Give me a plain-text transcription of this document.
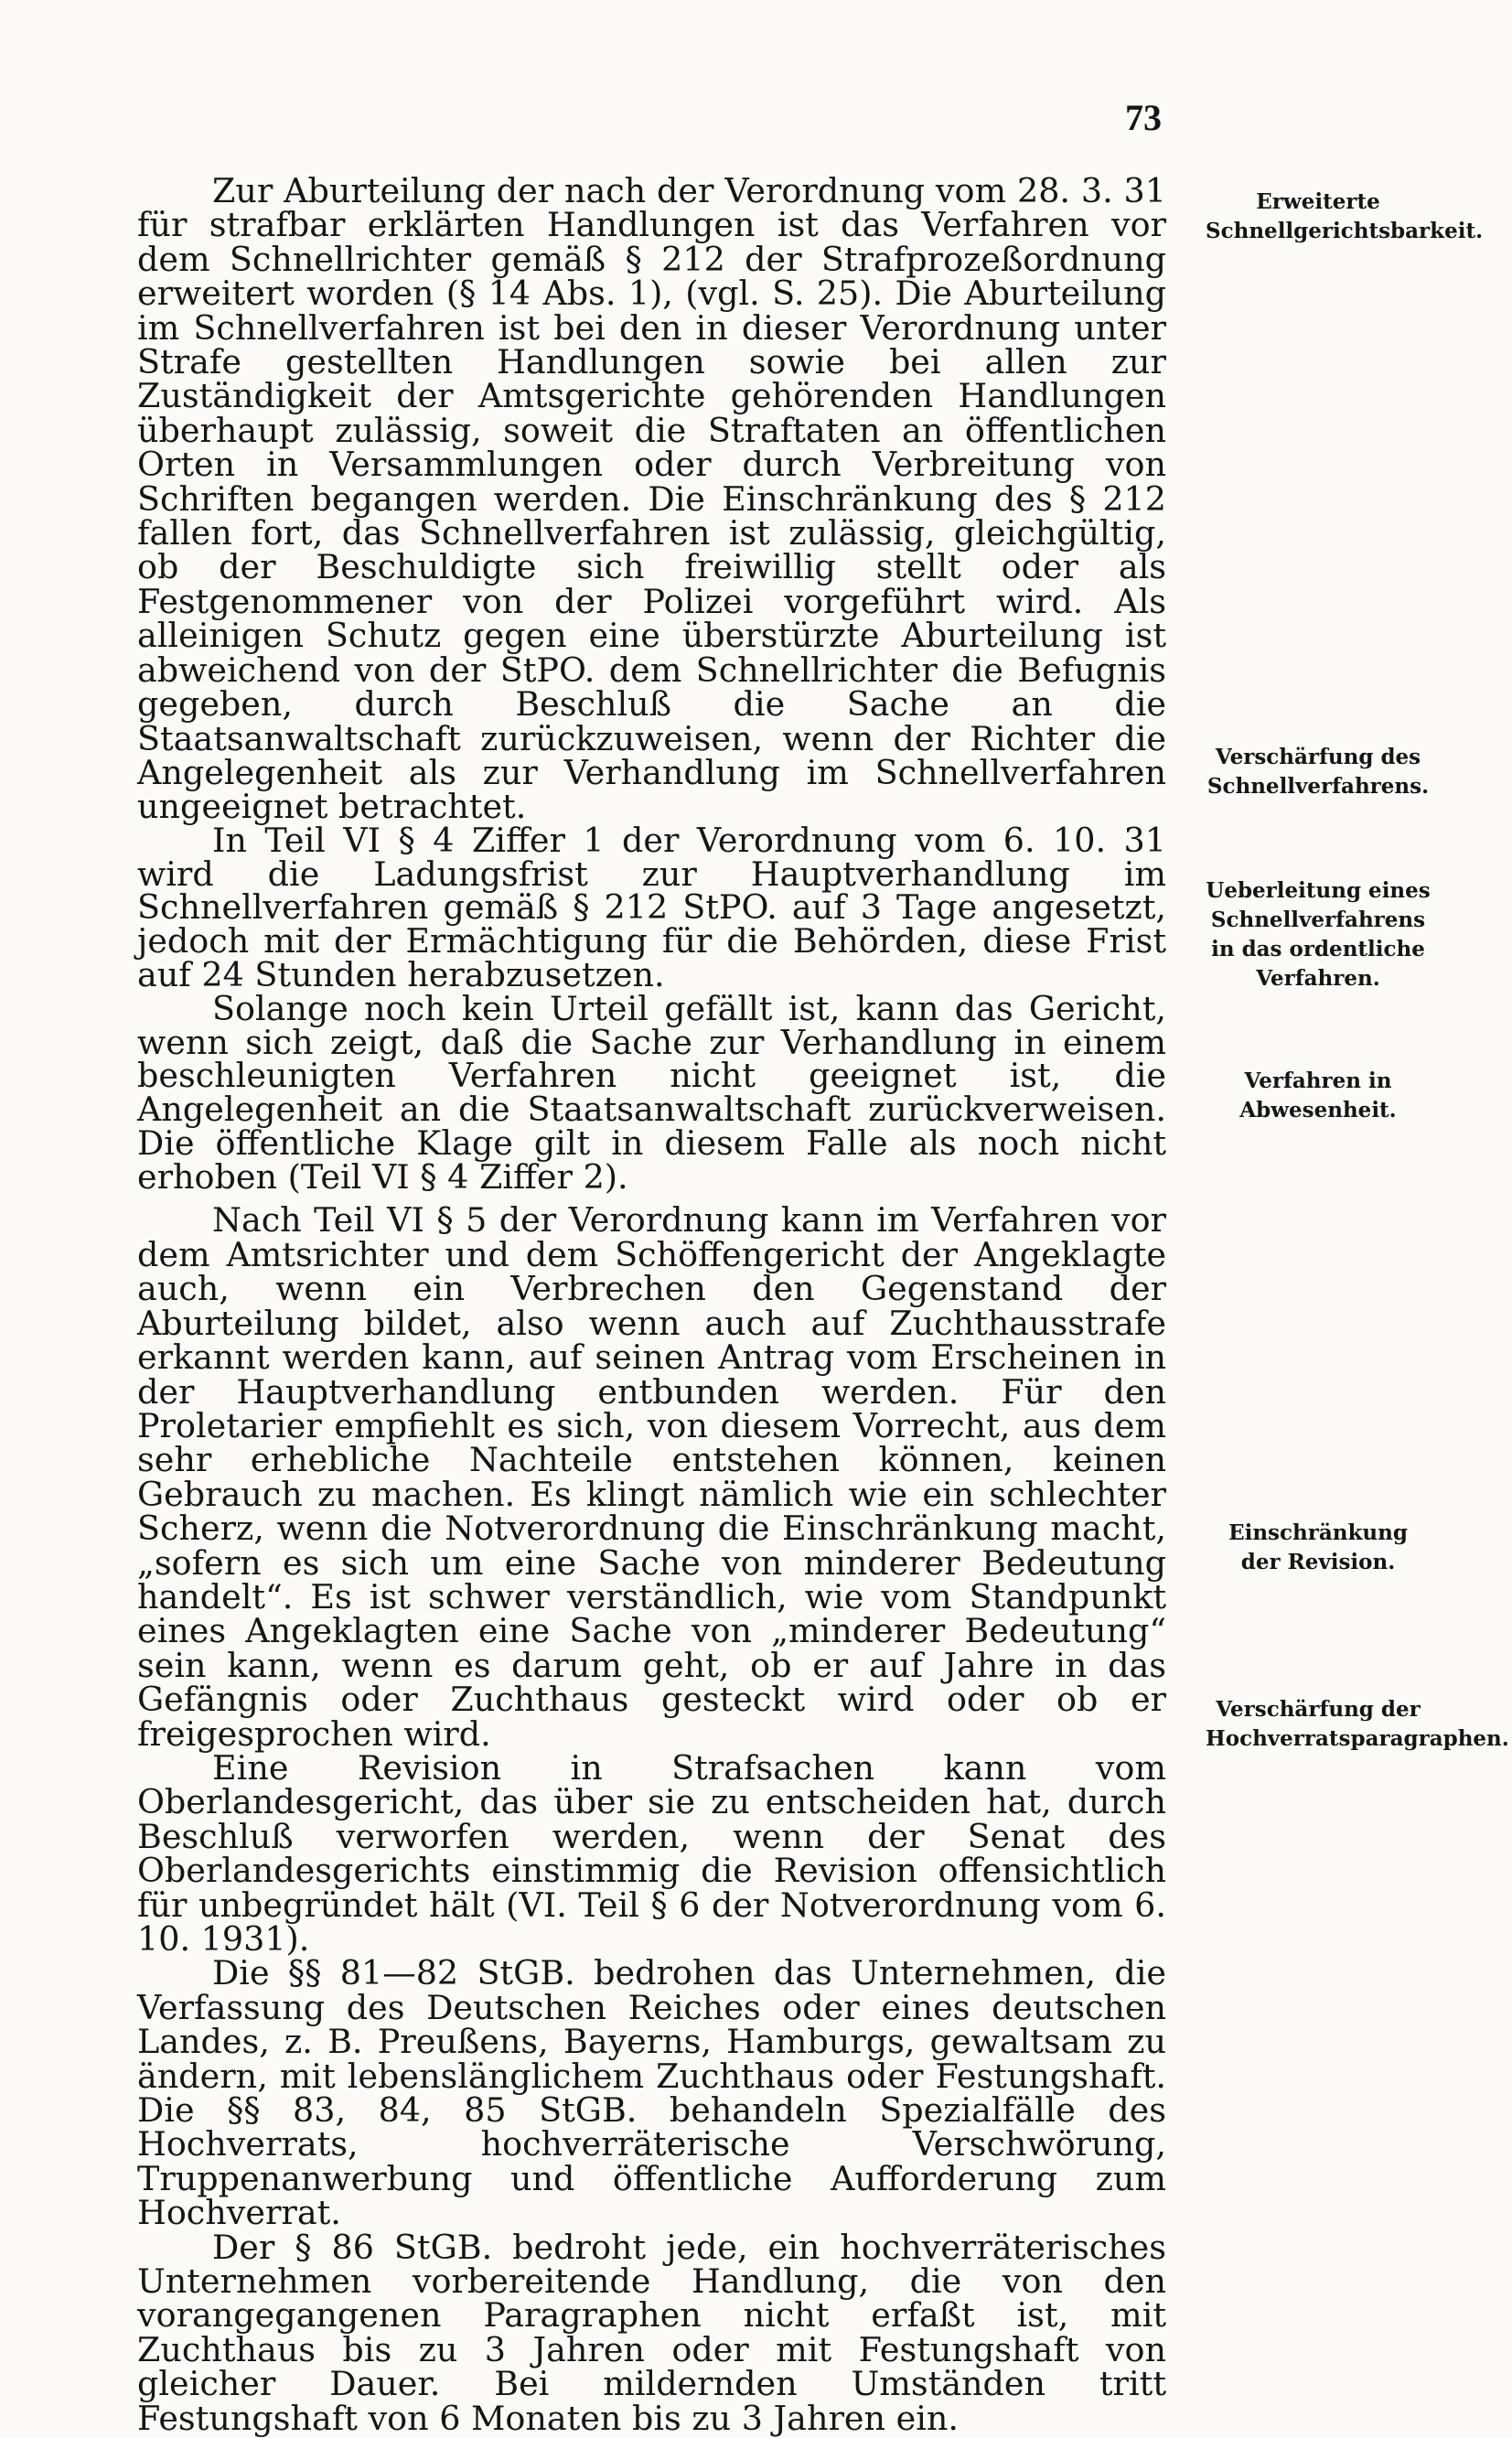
73

Zur Aburteilung der nach der Verordnung vom 28. 3. 31 für strafbar erklärten Handlungen ist das Verfahren vor dem Schnellrichter gemäß § 212 der Strafprozeßordnung erweitert worden (§ 14 Abs. 1), (vgl. S. 25). Die Aburteilung im Schnellverfahren ist bei den in dieser Verordnung unter Strafe gestellten Handlungen sowie bei allen zur Zuständigkeit der Amtsgerichte gehörenden Handlungen überhaupt zulässig, soweit die Straftaten an öffentlichen Orten in Versammlungen oder durch Verbreitung von Schriften begangen werden. Die Einschränkung des § 212 fallen fort, das Schnellverfahren ist zulässig, gleichgültig, ob der Beschuldigte sich freiwillig stellt oder als Festgenommener von der Polizei vorgeführt wird. Als alleinigen Schutz gegen eine überstürzte Aburteilung ist abweichend von der StPO. dem Schnellrichter die Befugnis gegeben, durch Beschluß die Sache an die Staatsanwaltschaft zurückzuweisen, wenn der Richter die Angelegenheit als zur Verhandlung im Schnellverfahren ungeeignet betrachtet.

In Teil VI § 4 Ziffer 1 der Verordnung vom 6. 10. 31 wird die Ladungsfrist zur Hauptverhandlung im Schnellverfahren gemäß § 212 StPO. auf 3 Tage angesetzt, jedoch mit der Ermächtigung für die Behörden, diese Frist auf 24 Stunden herabzusetzen.

Solange noch kein Urteil gefällt ist, kann das Gericht, wenn sich zeigt, daß die Sache zur Verhandlung in einem beschleunigten Verfahren nicht geeignet ist, die Angelegenheit an die Staatsanwaltschaft zurückverweisen. Die öffentliche Klage gilt in diesem Falle als noch nicht erhoben (Teil VI § 4 Ziffer 2).

Nach Teil VI § 5 der Verordnung kann im Verfahren vor dem Amtsrichter und dem Schöffengericht der Angeklagte auch, wenn ein Verbrechen den Gegenstand der Aburteilung bildet, also wenn auch auf Zuchthausstrafe erkannt werden kann, auf seinen Antrag vom Erscheinen in der Hauptverhandlung entbunden werden. Für den Proletarier empfiehlt es sich, von diesem Vorrecht, aus dem sehr erhebliche Nachteile entstehen können, keinen Gebrauch zu machen. Es klingt nämlich wie ein schlechter Scherz, wenn die Notverordnung die Einschränkung macht, „sofern es sich um eine Sache von minderer Bedeutung handelt“. Es ist schwer verständlich, wie vom Standpunkt eines Angeklagten eine Sache von „minderer Bedeutung“ sein kann, wenn es darum geht, ob er auf Jahre in das Gefängnis oder Zuchthaus gesteckt wird oder ob er freigesprochen wird.

Eine Revision in Strafsachen kann vom Oberlandesgericht, das über sie zu entscheiden hat, durch Beschluß verworfen werden, wenn der Senat des Oberlandesgerichts einstimmig die Revision offensichtlich für unbegründet hält (VI. Teil § 6 der Notverordnung vom 6. 10. 1931).

Die §§ 81—82 StGB. bedrohen das Unternehmen, die Verfassung des Deutschen Reiches oder eines deutschen Landes, z. B. Preußens, Bayerns, Hamburgs, gewaltsam zu ändern, mit lebenslänglichem Zuchthaus oder Festungshaft. Die §§ 83, 84, 85 StGB. behandeln Spezialfälle des Hochverrats, hochverräterische Verschwörung, Truppenanwerbung und öffentliche Aufforderung zum Hochverrat.

Der § 86 StGB. bedroht jede, ein hochverräterisches Unternehmen vorbereitende Handlung, die von den vorangegangenen Paragraphen nicht erfaßt ist, mit Zuchthaus bis zu 3 Jahren oder mit Festungshaft von gleicher Dauer. Bei mildernden Umständen tritt Festungshaft von 6 Monaten bis zu 3 Jahren ein.

Erweiterte Schnellgerichtsbarkeit.
Verschärfung des Schnellverfahrens.
Ueberleitung eines Schnellverfahrens in das ordentliche Verfahren.
Verfahren in Abwesenheit.
Einschränkung der Revision.
Verschärfung der Hochverratsparagraphen.
